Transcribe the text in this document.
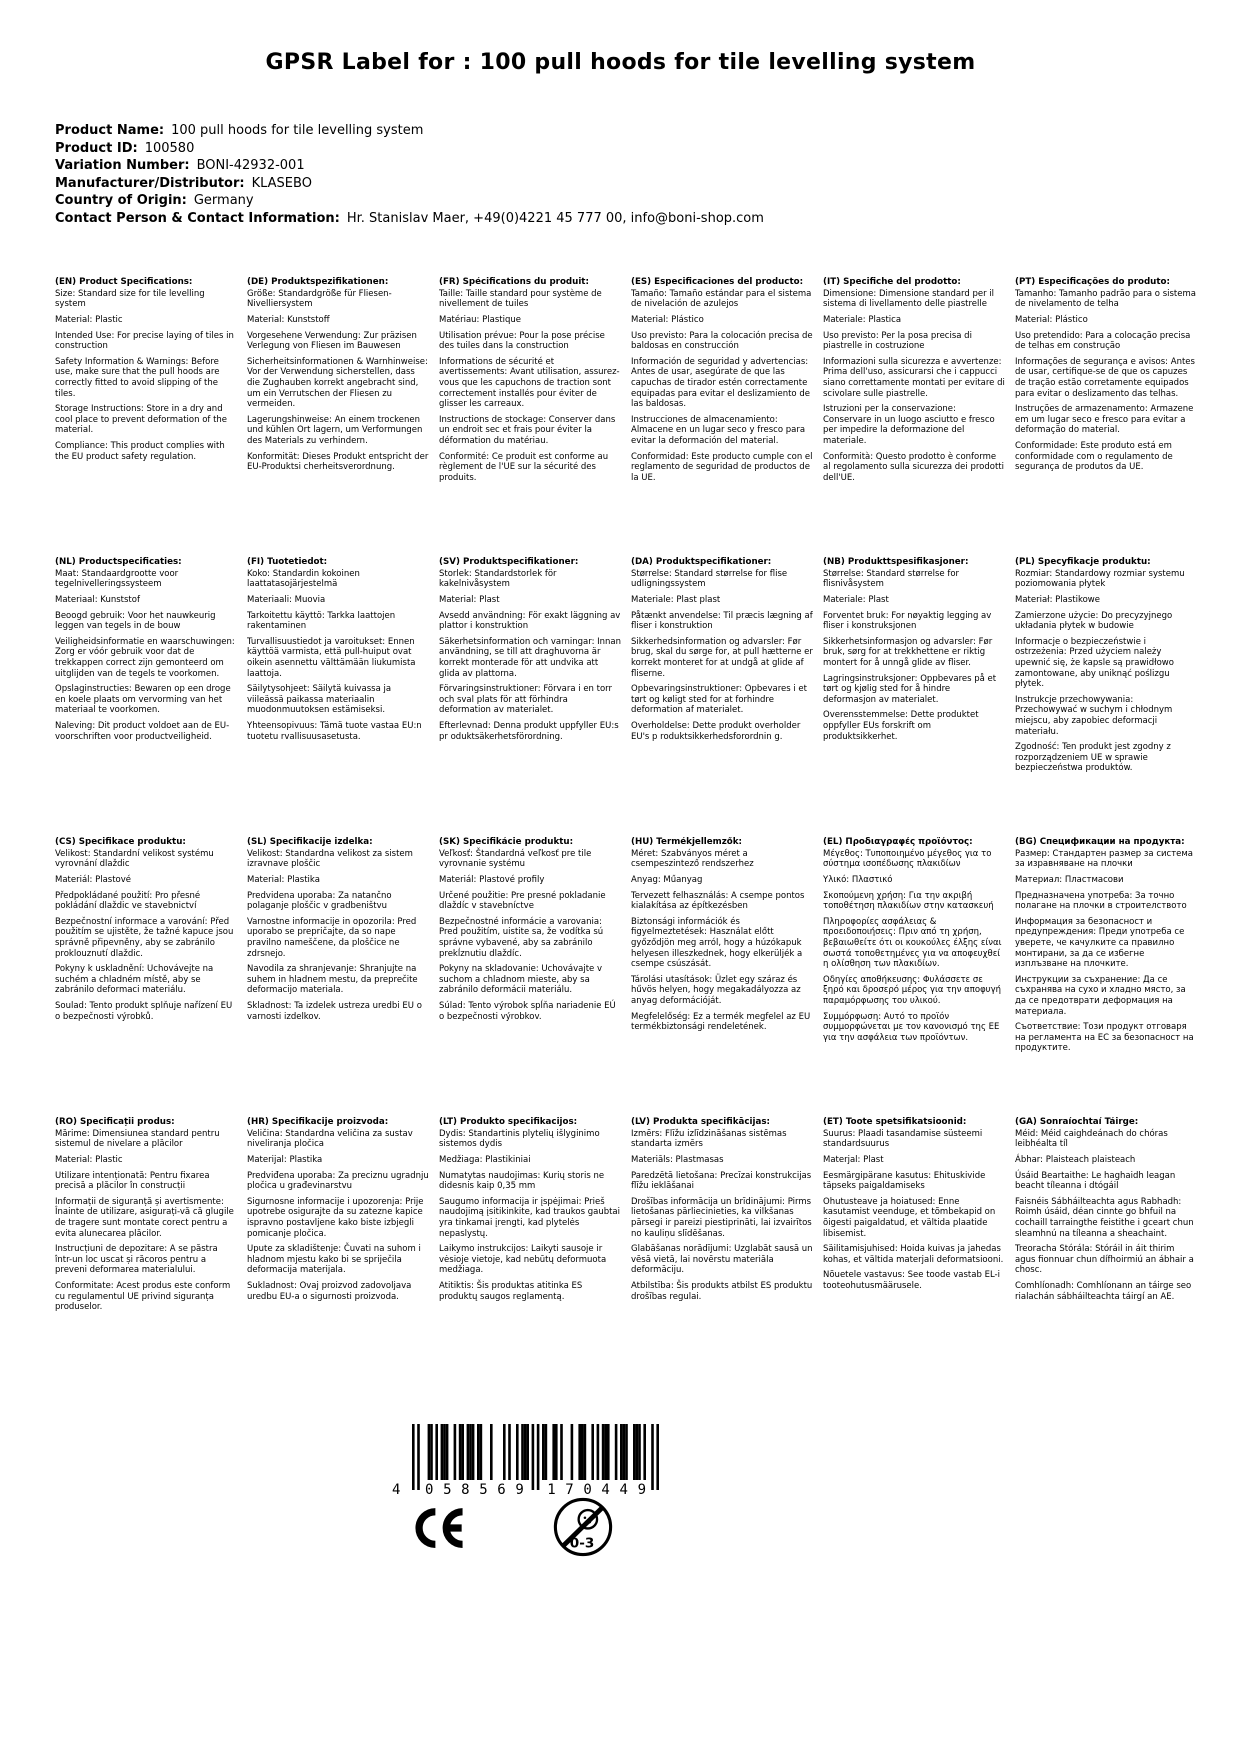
GPSR Label for : 100 pull hoods for tile levelling system
Product Name: 100 pull hoods for tile levelling system
Product ID: 100580
Variation Number: BONI-42932-001
Manufacturer/Distributor: KLASEBO
Country of Origin: Germany
Contact Person & Contact Information: Hr. Stanislav Maer, +49(0)4221 45 777 00, info@boni-shop.com
(EN) Product Specifications:

Size: Standard size for tile levelling system

Material: Plastic

Intended Use: For precise laying of tiles in construction

Safety Information & Warnings: Before use, make sure that the pull hoods are correctly fitted to avoid slipping of the tiles.

Storage Instructions: Store in a dry and cool place to prevent deformation of the material.

Compliance: This product complies with the EU product safety regulation.

(DE) Produktspezifikationen:

Größe: Standardgröße für Fliesen-Nivelliersystem

Material: Kunststoff

Vorgesehene Verwendung: Zur präzisen Verlegung von Fliesen im Bauwesen

Sicherheitsinformationen & Warnhinweise: Vor der Verwendung sicherstellen, dass die Zughauben korrekt angebracht sind, um ein Verrutschen der Fliesen zu vermeiden.

Lagerungshinweise: An einem trockenen und kühlen Ort lagern, um Verformungen des Materials zu verhindern.

Konformität: Dieses Produkt entspricht der EU-Produktsi cherheitsverordnung.

(FR) Spécifications du produit:

Taille: Taille standard pour système de nivellement de tuiles

Matériau: Plastique

Utilisation prévue: Pour la pose précise des tuiles dans la construction

Informations de sécurité et avertissements: Avant utilisation, assurez-vous que les capuchons de traction sont correctement installés pour éviter de glisser les carreaux.

Instructions de stockage: Conserver dans un endroit sec et frais pour éviter la déformation du matériau.

Conformité: Ce produit est conforme au règlement de l'UE sur la sécurité des produits.

(ES) Especificaciones del producto:

Tamaño: Tamaño estándar para el sistema de nivelación de azulejos

Material: Plástico

Uso previsto: Para la colocación precisa de baldosas en construcción

Información de seguridad y advertencias: Antes de usar, asegúrate de que las capuchas de tirador estén correctamente equipadas para evitar el deslizamiento de las baldosas.

Instrucciones de almacenamiento: Almacene en un lugar seco y fresco para evitar la deformación del material.

Conformidad: Este producto cumple con el reglamento de seguridad de productos de la UE.

(IT) Specifiche del prodotto:

Dimensione: Dimensione standard per il sistema di livellamento delle piastrelle

Materiale: Plastica

Uso previsto: Per la posa precisa di piastrelle in costruzione

Informazioni sulla sicurezza e avvertenze: Prima dell'uso, assicurarsi che i cappucci siano correttamente montati per evitare di scivolare sulle piastrelle.

Istruzioni per la conservazione: Conservare in un luogo asciutto e fresco per impedire la deformazione del materiale.

Conformità: Questo prodotto è conforme al regolamento sulla sicurezza dei prodotti dell'UE.

(PT) Especificações do produto:

Tamanho: Tamanho padrão para o sistema de nivelamento de telha

Material: Plástico

Uso pretendido: Para a colocação precisa de telhas em construção

Informações de segurança e avisos: Antes de usar, certifique-se de que os capuzes de tração estão corretamente equipados para evitar o deslizamento das telhas.

Instruções de armazenamento: Armazene em um lugar seco e fresco para evitar a deformação do material.

Conformidade: Este produto está em conformidade com o regulamento de segurança de produtos da UE.

(NL) Productspecificaties:

Maat: Standaardgrootte voor tegelnivelleringssysteem

Materiaal: Kunststof

Beoogd gebruik: Voor het nauwkeurig leggen van tegels in de bouw

Veiligheidsinformatie en waarschuwingen: Zorg er vóór gebruik voor dat de trekkappen correct zijn gemonteerd om uitglijden van de tegels te voorkomen.

Opslaginstructies: Bewaren op een droge en koele plaats om vervorming van het materiaal te voorkomen.

Naleving: Dit product voldoet aan de EU-voorschriften voor productveiligheid.

(FI) Tuotetiedot:

Koko: Standardin kokoinen laattatasojärjestelmä

Materiaali: Muovia

Tarkoitettu käyttö: Tarkka laattojen rakentaminen

Turvallisuustiedot ja varoitukset: Ennen käyttöä varmista, että pull-huiput ovat oikein asennettu välttämään liukumista laattoja.

Säilytysohjeet: Säilytä kuivassa ja viileässä paikassa materiaalin muodonmuutoksen estämiseksi.

Yhteensopivuus: Tämä tuote vastaa EU:n tuotetu rvallisuusasetusta.

(SV) Produktspecifikationer:

Storlek: Standardstorlek för kakelnivåsystem

Material: Plast

Avsedd användning: För exakt läggning av plattor i konstruktion

Säkerhetsinformation och varningar: Innan användning, se till att draghuvorna är korrekt monterade för att undvika att glida av plattorna.

Förvaringsinstruktioner: Förvara i en torr och sval plats för att förhindra deformation av materialet.

Efterlevnad: Denna produkt uppfyller EU:s pr oduktsäkerhetsförordning.

(DA) Produktspecifikationer:

Størrelse: Standard størrelse for flise udligningssystem

Materiale: Plast plast

Påtænkt anvendelse: Til præcis lægning af fliser i konstruktion

Sikkerhedsinformation og advarsler: Før brug, skal du sørge for, at pull hætterne er korrekt monteret for at undgå at glide af fliserne.

Opbevaringsinstruktioner: Opbevares i et tørt og køligt sted for at forhindre deformation af materialet.

Overholdelse: Dette produkt overholder EU's p roduktsikkerhedsforordnin g.

(NB) Produkttspesifikasjoner:

Størrelse: Standard størrelse for flisnivåsystem

Materiale: Plast

Forventet bruk: For nøyaktig legging av fliser i konstruksjonen

Sikkerhetsinformasjon og advarsler: Før bruk, sørg for at trekkhettene er riktig montert for å unngå glide av fliser.

Lagringsinstruksjoner: Oppbevares på et tørt og kjølig sted for å hindre deformasjon av materialet.

Overensstemmelse: Dette produktet oppfyller EUs forskrift om produktsikkerhet.

(PL) Specyfikacje produktu:

Rozmiar: Standardowy rozmiar systemu poziomowania płytek

Materiał: Plastikowe

Zamierzone użycie: Do precyzyjnego układania płytek w budowie

Informacje o bezpieczeństwie i ostrzeżenia: Przed użyciem należy upewnić się, że kapsle są prawidłowo zamontowane, aby uniknąć poślizgu płytek.

Instrukcje przechowywania: Przechowywać w suchym i chłodnym miejscu, aby zapobiec deformacji materiału.

Zgodność: Ten produkt jest zgodny z rozporządzeniem UE w sprawie bezpieczeństwa produktów.

(CS) Specifikace produktu:

Velikost: Standardní velikost systému vyrovnání dlaždic

Materiál: Plastové

Předpokládané použití: Pro přesné pokládání dlaždic ve stavebnictví

Bezpečnostní informace a varování: Před použitím se ujistěte, že tažné kapuce jsou správně připevněny, aby se zabránilo proklouznutí dlaždic.

Pokyny k uskladnění: Uchovávejte na suchém a chladném místě, aby se zabránilo deformaci materiálu.

Soulad: Tento produkt splňuje nařízení EU o bezpečnosti výrobků.

(SL) Specifikacije izdelka:

Velikost: Standardna velikost za sistem izravnave ploščic

Material: Plastika

Predvidena uporaba: Za natančno polaganje ploščic v gradbeništvu

Varnostne informacije in opozorila: Pred uporabo se prepričajte, da so nape pravilno nameščene, da ploščice ne zdrsnejo.

Navodila za shranjevanje: Shranjujte na suhem in hladnem mestu, da preprečite deformacijo materiala.

Skladnost: Ta izdelek ustreza uredbi EU o varnosti izdelkov.

(SK) Špecifikácie produktu:

Veľkosť: Štandardná veľkosť pre tile vyrovnanie systému

Materiál: Plastové profily

Určené použitie: Pre presné pokladanie dlaždíc v stavebníctve

Bezpečnostné informácie a varovania: Pred použitím, uistite sa, že vodítka sú správne vybavené, aby sa zabránilo prekĺznutiu dlaždíc.

Pokyny na skladovanie: Uchovávajte v suchom a chladnom mieste, aby sa zabránilo deformácii materiálu.

Súlad: Tento výrobok spĺňa nariadenie EÚ o bezpečnosti výrobkov.

(HU) Termékjellemzők:

Méret: Szabványos méret a csempeszintező rendszerhez

Anyag: Műanyag

Tervezett felhasználás: A csempe pontos kialakítása az építkezésben

Biztonsági információk és figyelmeztetések: Használat előtt győződjön meg arról, hogy a húzókapuk helyesen illeszkednek, hogy elkerüljék a csempe csúszását.

Tárolási utasítások: Üzlet egy száraz és hűvös helyen, hogy megakadályozza az anyag deformációját.

Megfelelőség: Ez a termék megfelel az EU termékbiztonsági rendeletének.

(EL) Προδιαγραφές προϊόντος:

Μέγεθος: Τυποποιημένο μέγεθος για το σύστημα ισοπέδωσης πλακιδίων

Υλικό: Πλαστικό

Σκοπούμενη χρήση: Για την ακριβή τοποθέτηση πλακιδίων στην κατασκευή

Πληροφορίες ασφάλειας & προειδοποιήσεις: Πριν από τη χρήση, βεβαιωθείτε ότι οι κουκούλες έλξης είναι σωστά τοποθετημένες για να αποφευχθεί η ολίσθηση των πλακιδίων.

Οδηγίες αποθήκευσης: Φυλάσσετε σε ξηρό και δροσερό μέρος για την αποφυγή παραμόρφωσης του υλικού.

Συμμόρφωση: Αυτό το προϊόν συμμορφώνεται με τον κανονισμό της ΕΕ για την ασφάλεια των προϊόντων.

(BG) Спецификации на продукта:

Размер: Стандартен размер за система за изравняване на плочки

Материал: Пластмасови

Предназначена употреба: За точно полагане на плочки в строителството

Информация за безопасност и предупреждения: Преди употреба се уверете, че качулките са правилно монтирани, за да се избегне изплъзване на плочките.

Инструкции за съхранение: Да се съхранява на сухо и хладно място, за да се предотврати деформация на материала.

Съответствие: Този продукт отговаря на регламента на ЕС за безопасност на продуктите.

(RO) Specificații produs:

Mărime: Dimensiunea standard pentru sistemul de nivelare a plăcilor

Material: Plastic

Utilizare intenționată: Pentru fixarea precisă a plăcilor în construcții

Informații de siguranță și avertismente: Înainte de utilizare, asigurați-vă că glugile de tragere sunt montate corect pentru a evita alunecarea plăcilor.

Instrucțiuni de depozitare: A se păstra într-un loc uscat și răcoros pentru a preveni deformarea materialului.

Conformitate: Acest produs este conform cu regulamentul UE privind siguranța produselor.

(HR) Specifikacije proizvoda:

Veličina: Standardna veličina za sustav niveliranja pločica

Materijal: Plastika

Predviđena uporaba: Za preciznu ugradnju pločica u građevinarstvu

Sigurnosne informacije i upozorenja: Prije upotrebe osigurajte da su zatezne kapice ispravno postavljene kako biste izbjegli pomicanje pločica.

Upute za skladištenje: Čuvati na suhom i hladnom mjestu kako bi se spriječila deformacija materijala.

Sukladnost: Ovaj proizvod zadovoljava uredbu EU-a o sigurnosti proizvoda.

(LT) Produkto specifikacijos:

Dydis: Standartinis plytelių išlyginimo sistemos dydis

Medžiaga: Plastikiniai

Numatytas naudojimas: Kurių storis ne didesnis kaip 0,35 mm

Saugumo informacija ir įspėjimai: Prieš naudojimą įsitikinkite, kad traukos gaubtai yra tinkamai įrengti, kad plytelės nepaslystų.

Laikymo instrukcijos: Laikyti sausoje ir vėsioje vietoje, kad nebūtų deformuota medžiaga.

Atitiktis: Šis produktas atitinka ES produktų saugos reglamentą.

(LV) Produkta specifikācijas:

Izmērs: Flīžu izlīdzināšanas sistēmas standarta izmērs

Materiāls: Plastmasas

Paredzētā lietošana: Precīzai konstrukcijas flīžu ieklāšanai

Drošības informācija un brīdinājumi: Pirms lietošanas pārliecinieties, ka vilkšanas pārsegi ir pareizi piestiprināti, lai izvairītos no kauliņu slīdēšanas.

Glabāšanas norādījumi: Uzglabāt sausā un vēsā vietā, lai novērstu materiāla deformāciju.

Atbilstība: Šis produkts atbilst ES produktu drošības regulai.

(ET) Toote spetsifikatsioonid:

Suurus: Plaadi tasandamise süsteemi standardsuurus

Materjal: Plast

Eesmärgipärane kasutus: Ehituskivide täpseks paigaldamiseks

Ohutusteave ja hoiatused: Enne kasutamist veenduge, et tõmbekapid on õigesti paigaldatud, et vältida plaatide libisemist.

Säilitamisjuhised: Hoida kuivas ja jahedas kohas, et vältida materjali deformatsiooni.

Nõuetele vastavus: See toode vastab EL-i tooteohutusmäärusele.

(GA) Sonraíochtaí Táirge:

Méid: Méid caighdeánach do chóras leibhéalta tíl

Ábhar: Plaisteach plaisteach

Úsáid Beartaithe: Le haghaidh leagan beacht tíleanna i dtógáil

Faisnéis Sábháilteachta agus Rabhadh: Roimh úsáid, déan cinnte go bhfuil na cochaill tarraingthe feistithe i gceart chun sleamhnú na tíleanna a sheachaint.

Treoracha Stórála: Stóráil in áit thirim agus fionnuar chun dífhoirmiú an ábhair a chosc.

Comhlíonadh: Comhlíonann an táirge seo rialachán sábháilteachta táirgí an AE.

4 058569 170449
0-3
